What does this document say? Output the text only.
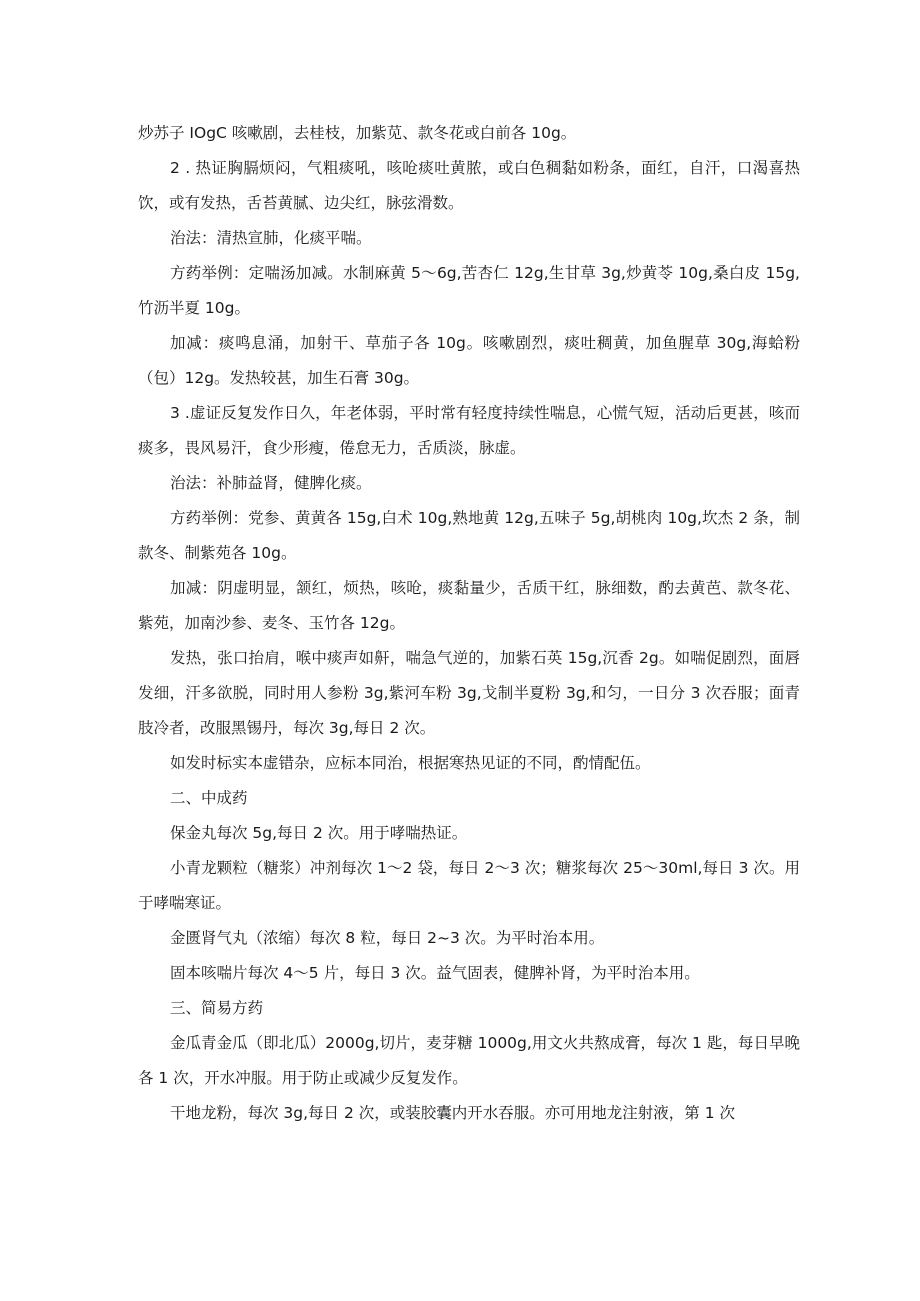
炒苏子 IOgC 咳嗽剧，去桂枝，加紫苋、款冬花或白前各 10g。

2 . 热证胸膈烦闷，气粗痰吼，咳呛痰吐黄脓，或白色稠黏如粉条，面红，自汗，口渴喜热饮，或有发热，舌苔黄腻、边尖红，脉弦滑数。

治法：清热宣肺，化痰平喘。

方药举例：定喘汤加减。水制麻黄 5～6g,苦杏仁 12g,生甘草 3g,炒黄苓 10g,桑白皮 15g,竹沥半夏 10g。

加减：痰鸣息涌，加射干、草茄子各 10g。咳嗽剧烈，痰吐稠黄，加鱼腥草 30g,海蛤粉（包）12g。发热较甚，加生石膏 30g。

3 .虚证反复发作日久，年老体弱，平时常有轻度持续性喘息，心慌气短，活动后更甚，咳而痰多，畏风易汗，食少形瘦，倦怠无力，舌质淡，脉虚。

治法：补肺益肾，健脾化痰。

方药举例：党参、黄黄各 15g,白术 10g,熟地黄 12g,五味子 5g,胡桃肉 10g,坎杰 2 条，制款冬、制紫苑各 10g。

加减：阴虚明显，颔红，烦热，咳呛，痰黏量少，舌质干红，脉细数，酌去黄芭、款冬花、紫苑，加南沙参、麦冬、玉竹各 12g。

发热，张口抬肩，喉中痰声如鼾，喘急气逆的，加紫石英 15g,沉香 2g。如喘促剧烈，面唇发细，汗多欲脱，同时用人参粉 3g,紫河车粉 3g,戈制半夏粉 3g,和匀，一日分 3 次吞服；面青肢冷者，改服黑锡丹，每次 3g,每日 2 次。

如发时标实本虚错杂，应标本同治，根据寒热见证的不同，酌情配伍。

二、中成药

保金丸每次 5g,每日 2 次。用于哮喘热证。

小青龙颗粒（糖浆）冲剂每次 1～2 袋，每日 2～3 次；糖浆每次 25～30ml,每日 3 次。用于哮喘寒证。

金匮肾气丸（浓缩）每次 8 粒，每日 2~3 次。为平时治本用。

固本咳喘片每次 4～5 片，每日 3 次。益气固表，健脾补肾，为平时治本用。

三、简易方药

金瓜青金瓜（即北瓜）2000g,切片，麦芽糖 1000g,用文火共熬成膏，每次 1 匙，每日早晚各 1 次，开水冲服。用于防止或减少反复发作。

干地龙粉，每次 3g,每日 2 次，或装胶囊内开水吞服。亦可用地龙注射液，第 1 次
